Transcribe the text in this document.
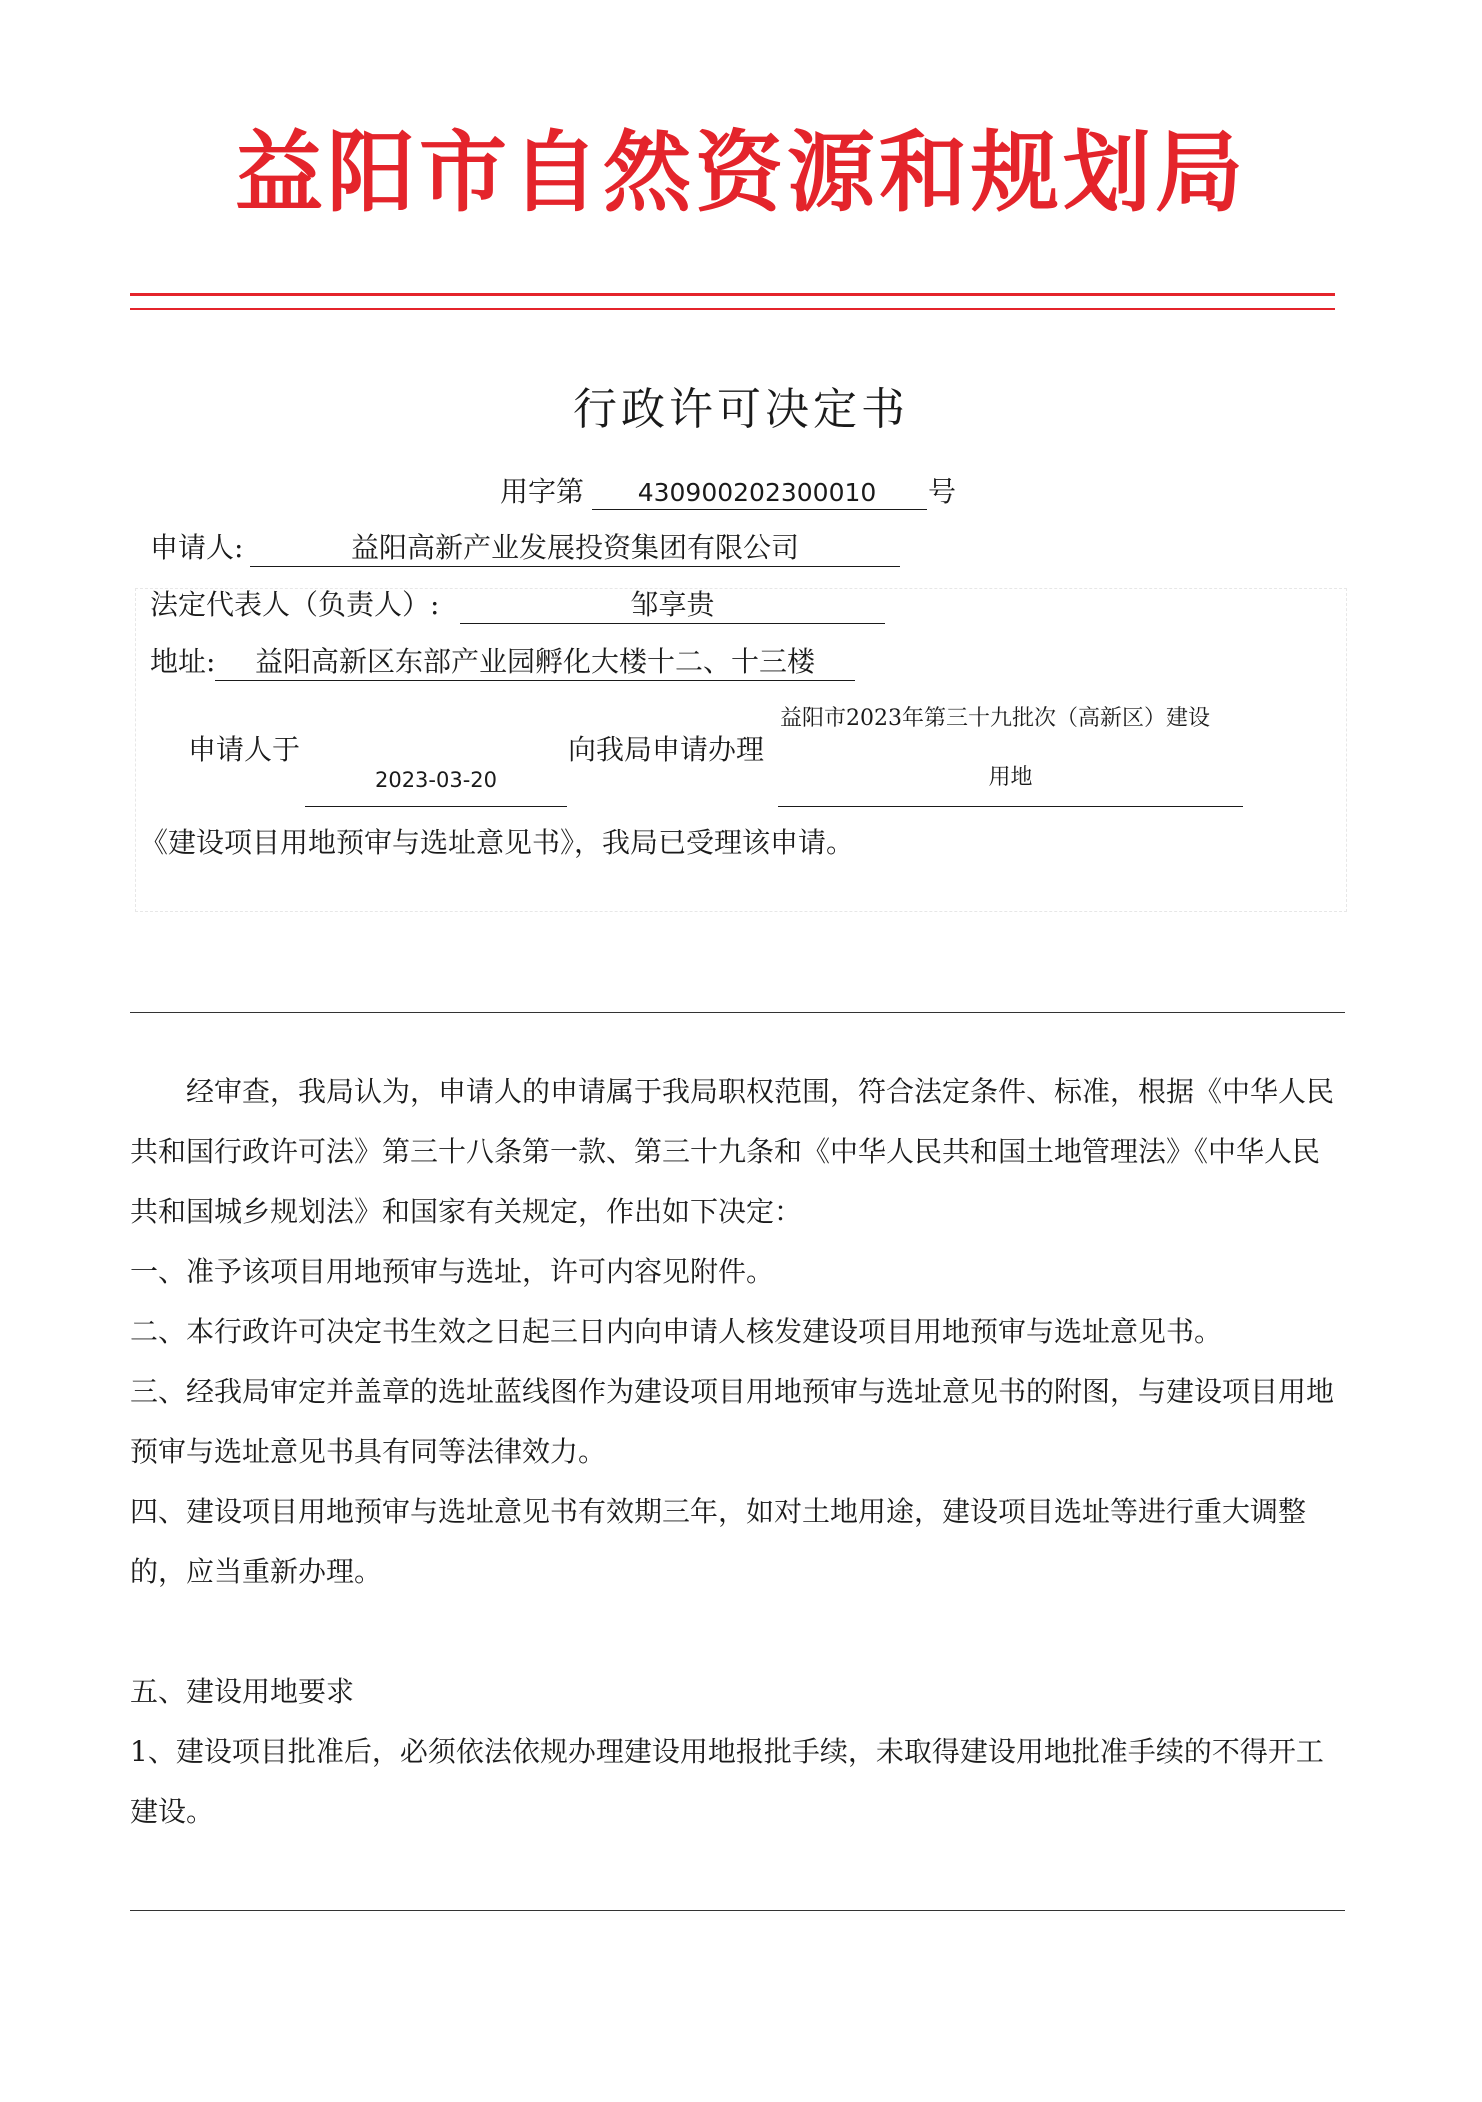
益阳市自然资源和规划局
行政许可决定书
用字第	430900202300010	号
申请人:	益阳高新产业发展投资集团有限公司
法定代表人（负责人）:	邹享贵
地址:	益阳高新区东部产业园孵化大楼十二、十三楼
申请人于
2023-03-20
向我局申请办理
益阳市2023年第三十九批次（高新区）建设
用地
《建设项目用地预审与选址意见书》，我局已受理该申请。
经审查，我局认为，申请人的申请属于我局职权范围，符合法定条件、标准，根据《中华人民共和国行政许可法》第三十八条第一款、第三十九条和《中华人民共和国土地管理法》《中华人民共和国城乡规划法》和国家有关规定，作出如下决定：
一、准予该项目用地预审与选址，许可内容见附件。
二、本行政许可决定书生效之日起三日内向申请人核发建设项目用地预审与选址意见书。
三、经我局审定并盖章的选址蓝线图作为建设项目用地预审与选址意见书的附图，与建设项目用地预审与选址意见书具有同等法律效力。
四、建设项目用地预审与选址意见书有效期三年，如对土地用途，建设项目选址等进行重大调整的，应当重新办理。
五、建设用地要求
1、建设项目批准后，必须依法依规办理建设用地报批手续，未取得建设用地批准手续的不得开工建设。
